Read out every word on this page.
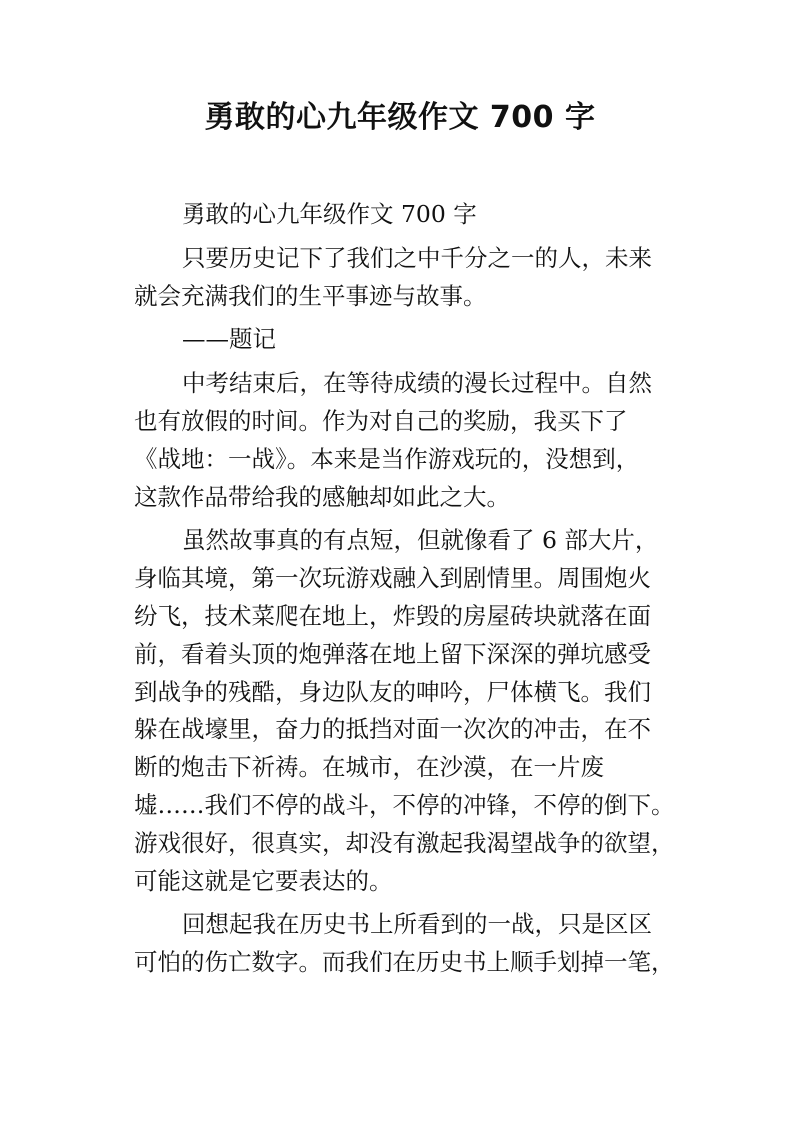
勇敢的心九年级作文 700 字
勇敢的心九年级作文 700 字
只要历史记下了我们之中千分之一的人，未来
就会充满我们的生平事迹与故事。
——题记
中考结束后，在等待成绩的漫长过程中。自然
也有放假的时间。作为对自己的奖励，我买下了
《战地：一战》。本来是当作游戏玩的，没想到，
这款作品带给我的感触却如此之大。
虽然故事真的有点短，但就像看了 6 部大片，
身临其境，第一次玩游戏融入到剧情里。周围炮火
纷飞，技术菜爬在地上，炸毁的房屋砖块就落在面
前，看着头顶的炮弹落在地上留下深深的弹坑感受
到战争的残酷，身边队友的呻吟，尸体横飞。我们
躲在战壕里，奋力的抵挡对面一次次的冲击，在不
断的炮击下祈祷。在城市，在沙漠，在一片废
墟……我们不停的战斗，不停的冲锋，不停的倒下。
游戏很好，很真实，却没有激起我渴望战争的欲望，
可能这就是它要表达的。
回想起我在历史书上所看到的一战，只是区区
可怕的伤亡数字。而我们在历史书上顺手划掉一笔，
